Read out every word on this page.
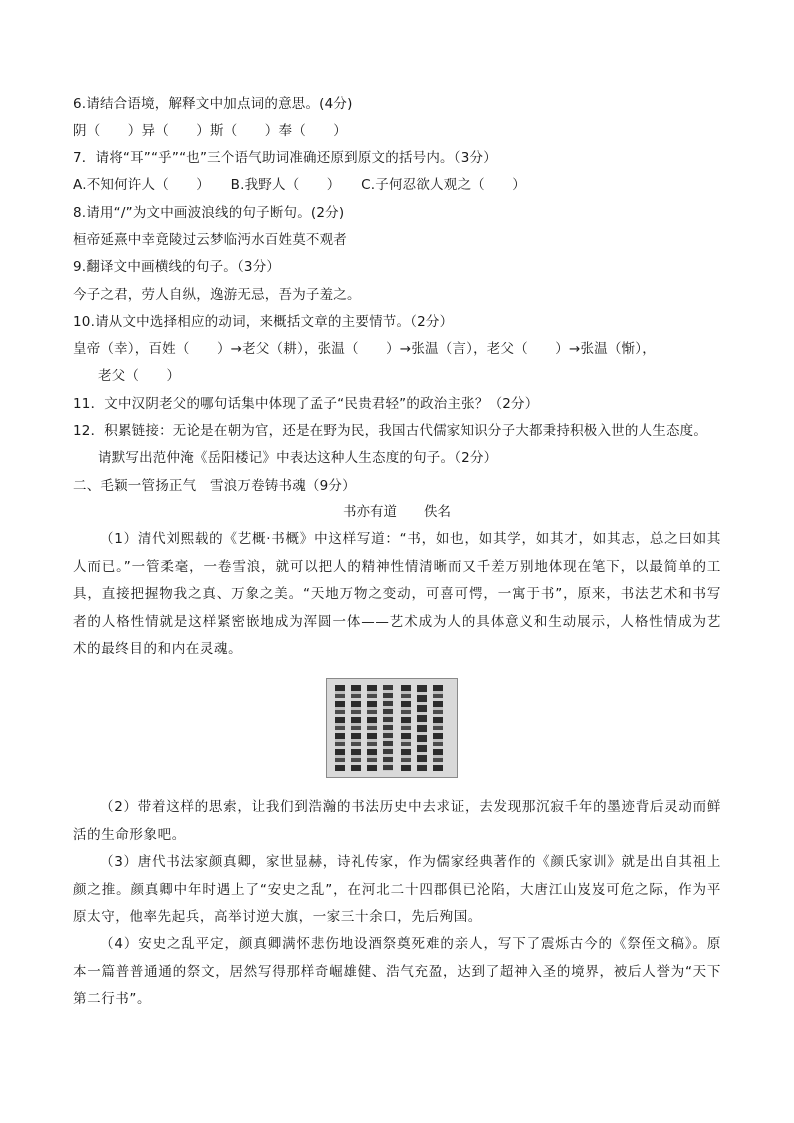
6.请结合语境，解释文中加点词的意思。(4分)
阴（　　）异（　　）斯（　　）奉（　　）
7．请将“耳”“乎”“也”三个语气助词准确还原到原文的括号内。（3分）
A.不知何许人（　　）　　B.我野人（　　）　　C.子何忍欲人观之（　　）
8.请用“/”为文中画波浪线的句子断句。(2分)
桓帝延熹中幸竟陵过云梦临沔水百姓莫不观者
9.翻译文中画横线的句子。（3分）
今子之君，劳人自纵，逸游无忌，吾为子羞之。
10.请从文中选择相应的动词，来概括文章的主要情节。（2分）
皇帝（幸），百姓（　　）→老父（耕），张温（　　）→张温（言），老父（　　）→张温（惭），
老父（　　）
11．文中汉阴老父的哪句话集中体现了孟子“民贵君轻”的政治主张？（2分）
12．积累链接：无论是在朝为官，还是在野为民，我国古代儒家知识分子大都秉持积极入世的人生态度。
请默写出范仲淹《岳阳楼记》中表达这种人生态度的句子。（2分）
二、毛颖一管扬正气　雪浪万卷铸书魂（9分）
书亦有道　　佚名
（1）清代刘熙载的《艺概·书概》中这样写道：“书，如也，如其学，如其才，如其志，总之曰如其人而已。”一管柔毫，一卷雪浪，就可以把人的精神性情清晰而又千差万别地体现在笔下，以最简单的工具，直接把握物我之真、万象之美。“天地万物之变动，可喜可愕，一寓于书”，原来，书法艺术和书写者的人格性情就是这样紧密嵌地成为浑圆一体——艺术成为人的具体意义和生动展示，人格性情成为艺术的最终目的和内在灵魂。
（2）带着这样的思索，让我们到浩瀚的书法历史中去求证，去发现那沉寂千年的墨迹背后灵动而鲜活的生命形象吧。
（3）唐代书法家颜真卿，家世显赫，诗礼传家，作为儒家经典著作的《颜氏家训》就是出自其祖上颜之推。颜真卿中年时遇上了“安史之乱”，在河北二十四郡俱已沦陷，大唐江山岌岌可危之际，作为平原太守，他率先起兵，高举讨逆大旗，一家三十余口，先后殉国。
（4）安史之乱平定，颜真卿满怀悲伤地设酒祭奠死难的亲人，写下了震烁古今的《祭侄文稿》。原本一篇普普通通的祭文，居然写得那样奇崛雄健、浩气充盈，达到了超神入圣的境界，被后人誉为“天下第二行书”。
